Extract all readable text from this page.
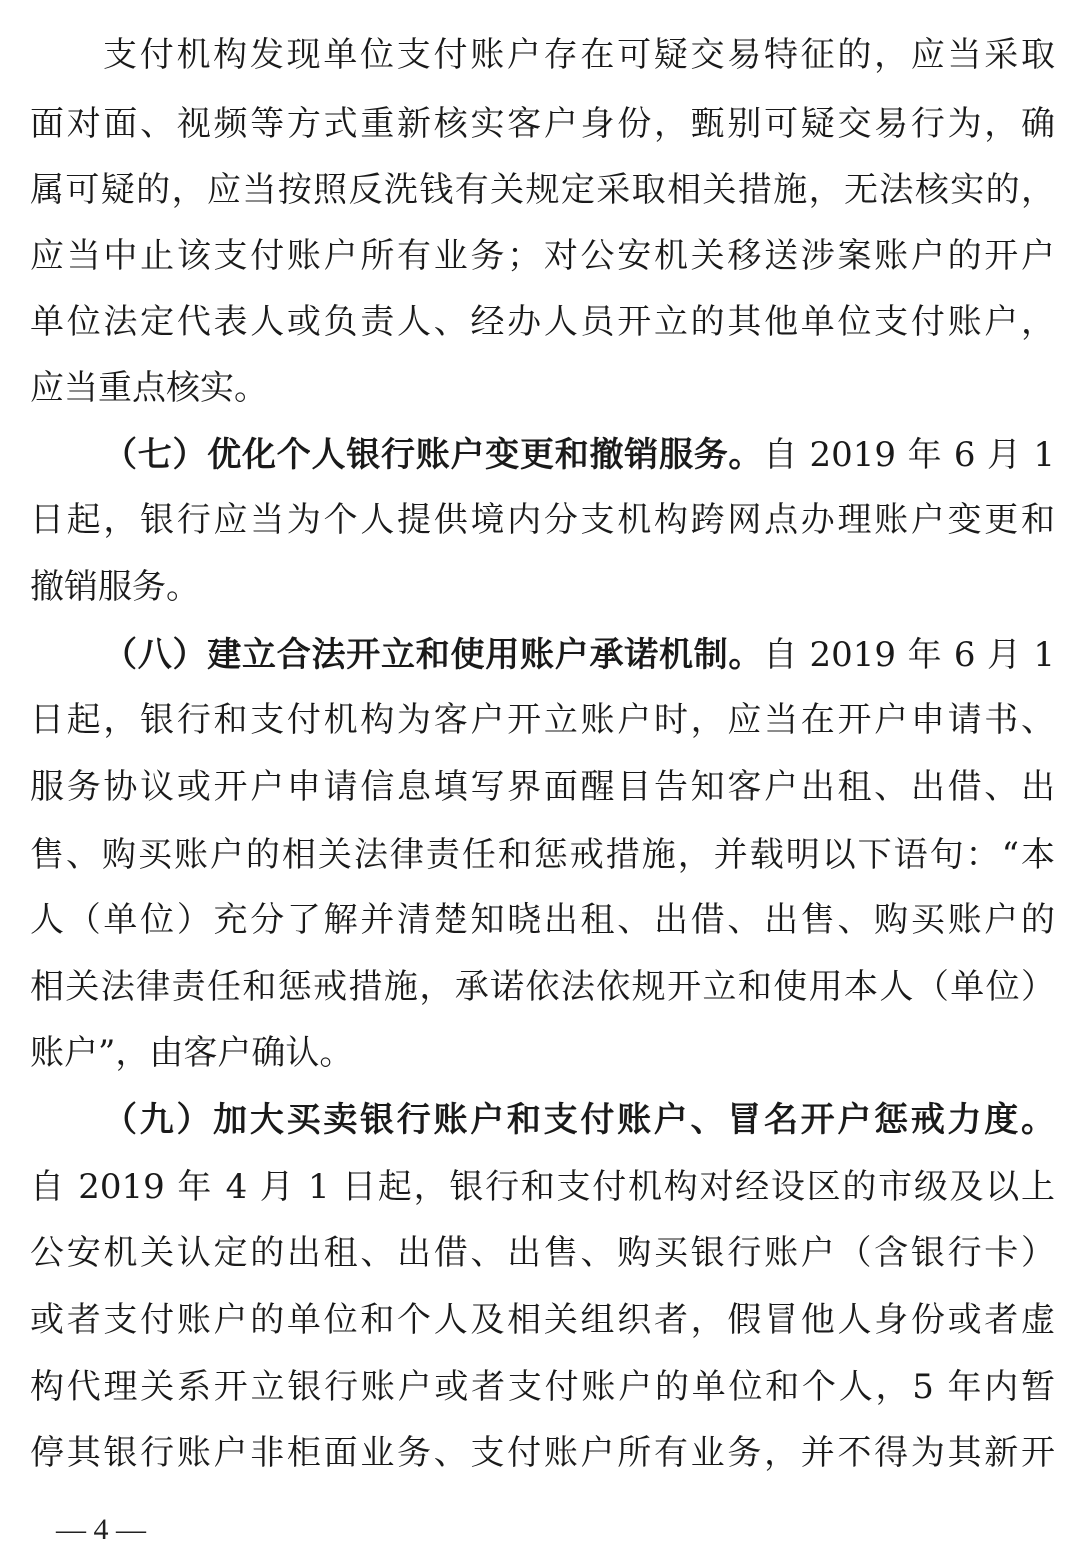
支付机构发现单位支付账户存在可疑交易特征的，应当采取
面对面、视频等方式重新核实客户身份，甄别可疑交易行为，确
属可疑的，应当按照反洗钱有关规定采取相关措施，无法核实的，
应当中止该支付账户所有业务；对公安机关移送涉案账户的开户
单位法定代表人或负责人、经办人员开立的其他单位支付账户，
应当重点核实。
（七）优化个人银行账户变更和撤销服务。自 2019 年 6 月 1
日起，银行应当为个人提供境内分支机构跨网点办理账户变更和
撤销服务。
（八）建立合法开立和使用账户承诺机制。自 2019 年 6 月 1
日起，银行和支付机构为客户开立账户时，应当在开户申请书、
服务协议或开户申请信息填写界面醒目告知客户出租、出借、出
售、购买账户的相关法律责任和惩戒措施，并载明以下语句：“本
人（单位）充分了解并清楚知晓出租、出借、出售、购买账户的
相关法律责任和惩戒措施，承诺依法依规开立和使用本人（单位）
账户”，由客户确认。
（九）加大买卖银行账户和支付账户、冒名开户惩戒力度。
自 2019 年 4 月 1 日起，银行和支付机构对经设区的市级及以上
公安机关认定的出租、出借、出售、购买银行账户（含银行卡）
或者支付账户的单位和个人及相关组织者，假冒他人身份或者虚
构代理关系开立银行账户或者支付账户的单位和个人，5 年内暂
停其银行账户非柜面业务、支付账户所有业务，并不得为其新开
— 4 —
